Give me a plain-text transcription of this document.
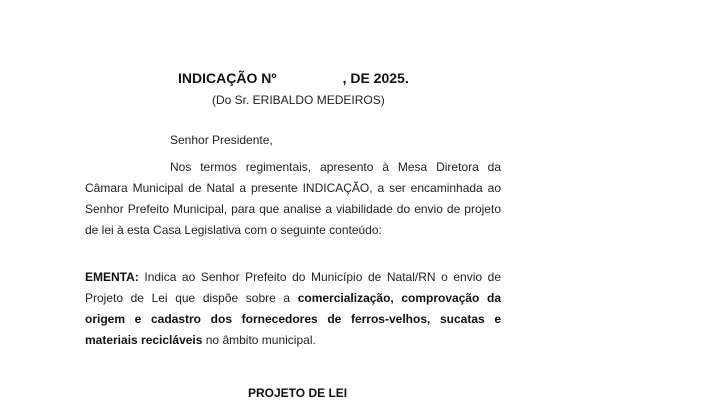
INDICAÇÃO Nº                 , DE 2025.
(Do Sr. ERIBALDO MEDEIROS)
Senhor Presidente,
Nos termos regimentais, apresento à Mesa Diretora da Câmara Municipal de Natal a presente INDICAÇÃO, a ser encaminhada ao Senhor Prefeito Municipal, para que analise a viabilidade do envio de projeto de lei à esta Casa Legislativa com o seguinte conteúdo:
EMENTA: Indica ao Senhor Prefeito do Município de Natal/RN o envio de Projeto de Lei que dispõe sobre a comercialização, comprovação da origem e cadastro dos fornecedores de ferros-velhos, sucatas e materiais recicláveis no âmbito municipal.
PROJETO DE LEI
